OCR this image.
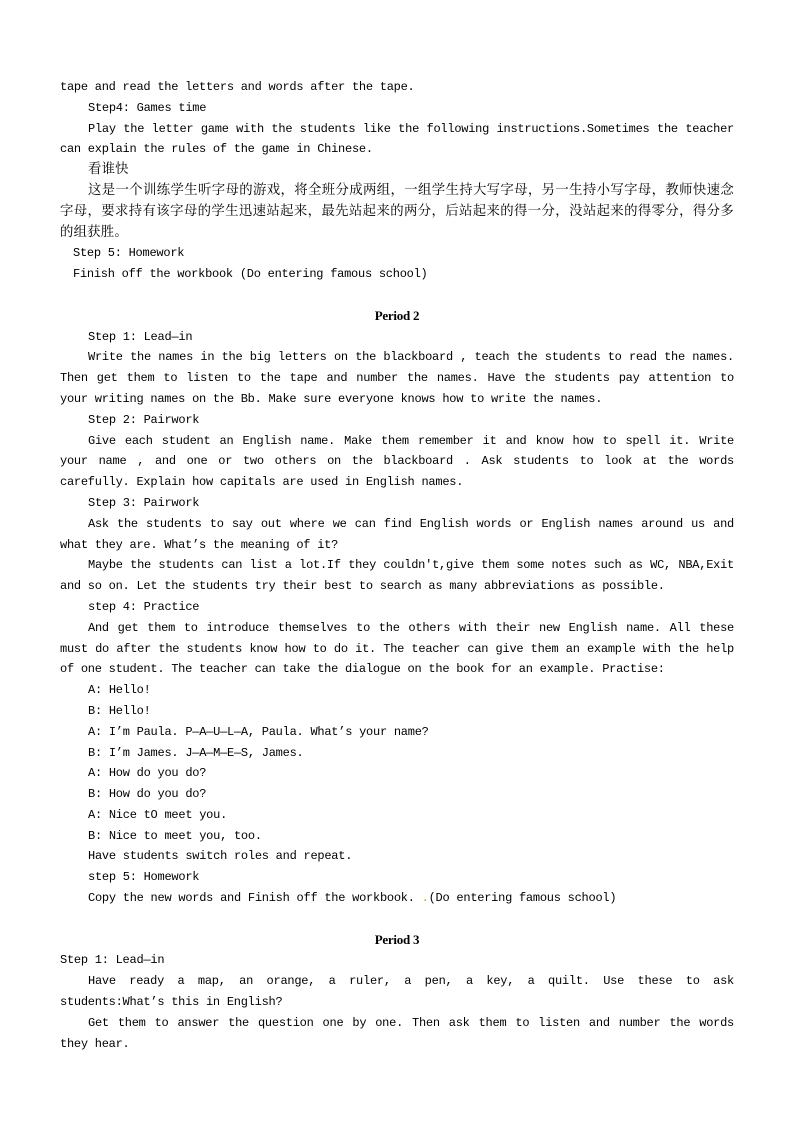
tape and read the letters and words after the tape.

Step4: Games time

Play the letter game with the students like the following instructions.Sometimes the teacher can explain the rules of the game in Chinese.

看谁快

这是一个训练学生听字母的游戏，将全班分成两组，一组学生持大写字母，另一生持小写字母，教师快速念字母，要求持有该字母的学生迅速站起来，最先站起来的两分，后站起来的得一分，没站起来的得零分，得分多的组获胜。

Step 5: Homework

Finish off the workbook (Do entering famous school)

Period 2

Step 1: Lead—in

Write the names in the big letters on the blackboard , teach the students to read the names. Then get them to listen to the tape and number the names. Have the students pay attention to your writing names on the Bb. Make sure everyone knows how to write the names.

Step 2: Pairwork

Give each student an English name. Make them remember it and know how to spell it. Write your name , and one or two others on the blackboard . Ask students to look at the words carefully. Explain how capitals are used in English names.

Step 3: Pairwork

Ask the students to say out where we can find English words or English names around us and what they are. What’s the meaning of it?

Maybe the students can list a lot.If they couldn't,give them some notes such as WC, NBA,Exit and so on. Let the students try their best to search as many abbreviations as possible.

step 4: Practice

And get them to introduce themselves to the others with their new English name. All these must do after the students know how to do it. The teacher can give them an example with the help of one student. The teacher can take the dialogue on the book for an example. Practise:

A: Hello!

B: Hello!

A: I’m Paula. P—A—U—L—A, Paula. What’s your name?

B: I’m James. J—A—M—E—S, James.

A: How do you do?

B: How do you do?

A: Nice tO meet you.

B: Nice to meet you, too.

Have students switch roles and repeat.

step 5: Homework

Copy the new words and Finish off the workbook. .(Do entering famous school)

Period 3

Step 1: Lead—in

Have ready a map, an orange, a ruler, a pen, a key, a quilt. Use these to ask students:What’s this in English?

Get them to answer the question one by one. Then ask them to listen and number the words they hear.
